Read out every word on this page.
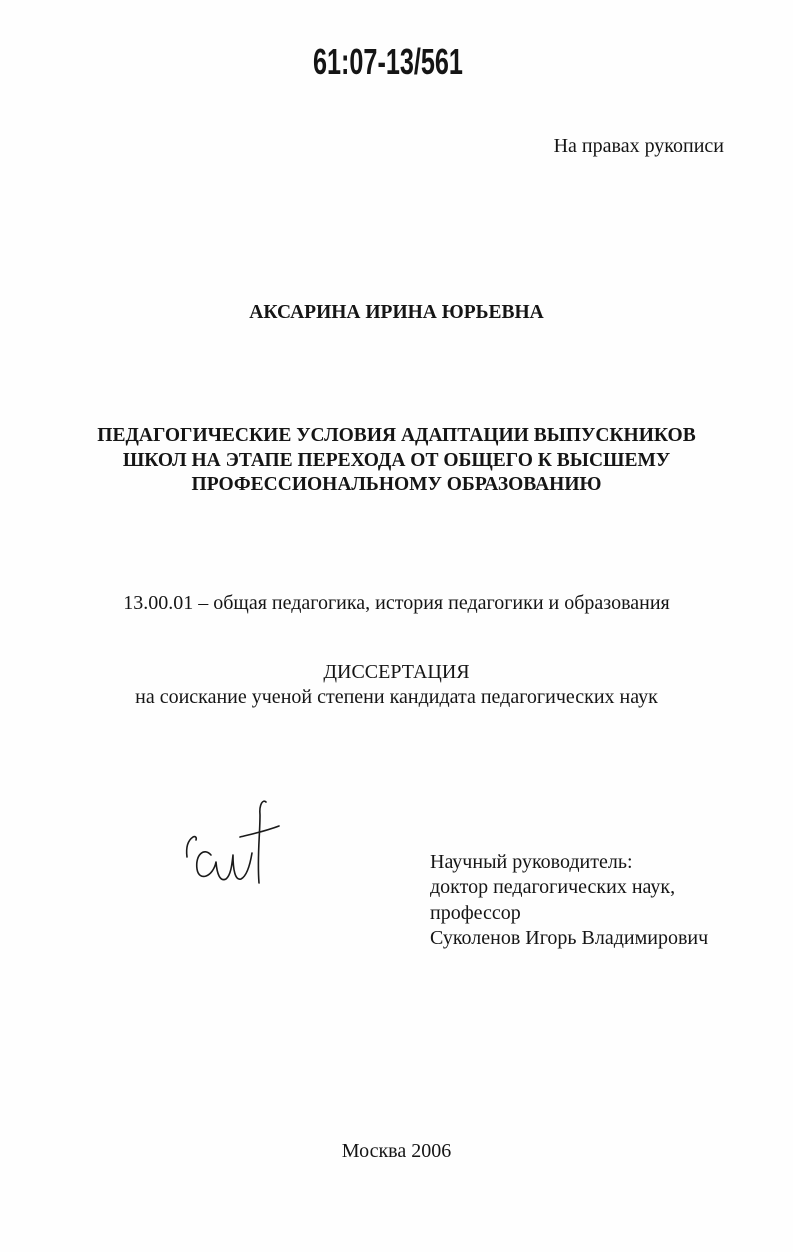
61:07-13/561
На правах рукописи
АКСАРИНА ИРИНА ЮРЬЕВНА
ПЕДАГОГИЧЕСКИЕ УСЛОВИЯ АДАПТАЦИИ ВЫПУСКНИКОВ
ШКОЛ НА ЭТАПЕ ПЕРЕХОДА ОТ ОБЩЕГО К ВЫСШЕМУ
ПРОФЕССИОНАЛЬНОМУ ОБРАЗОВАНИЮ
13.00.01 – общая педагогика, история педагогики и образования
ДИССЕРТАЦИЯ
на соискание ученой степени кандидата педагогических наук
Научный руководитель:
доктор педагогических наук,
профессор
Суколенов Игорь Владимирович
Москва 2006
